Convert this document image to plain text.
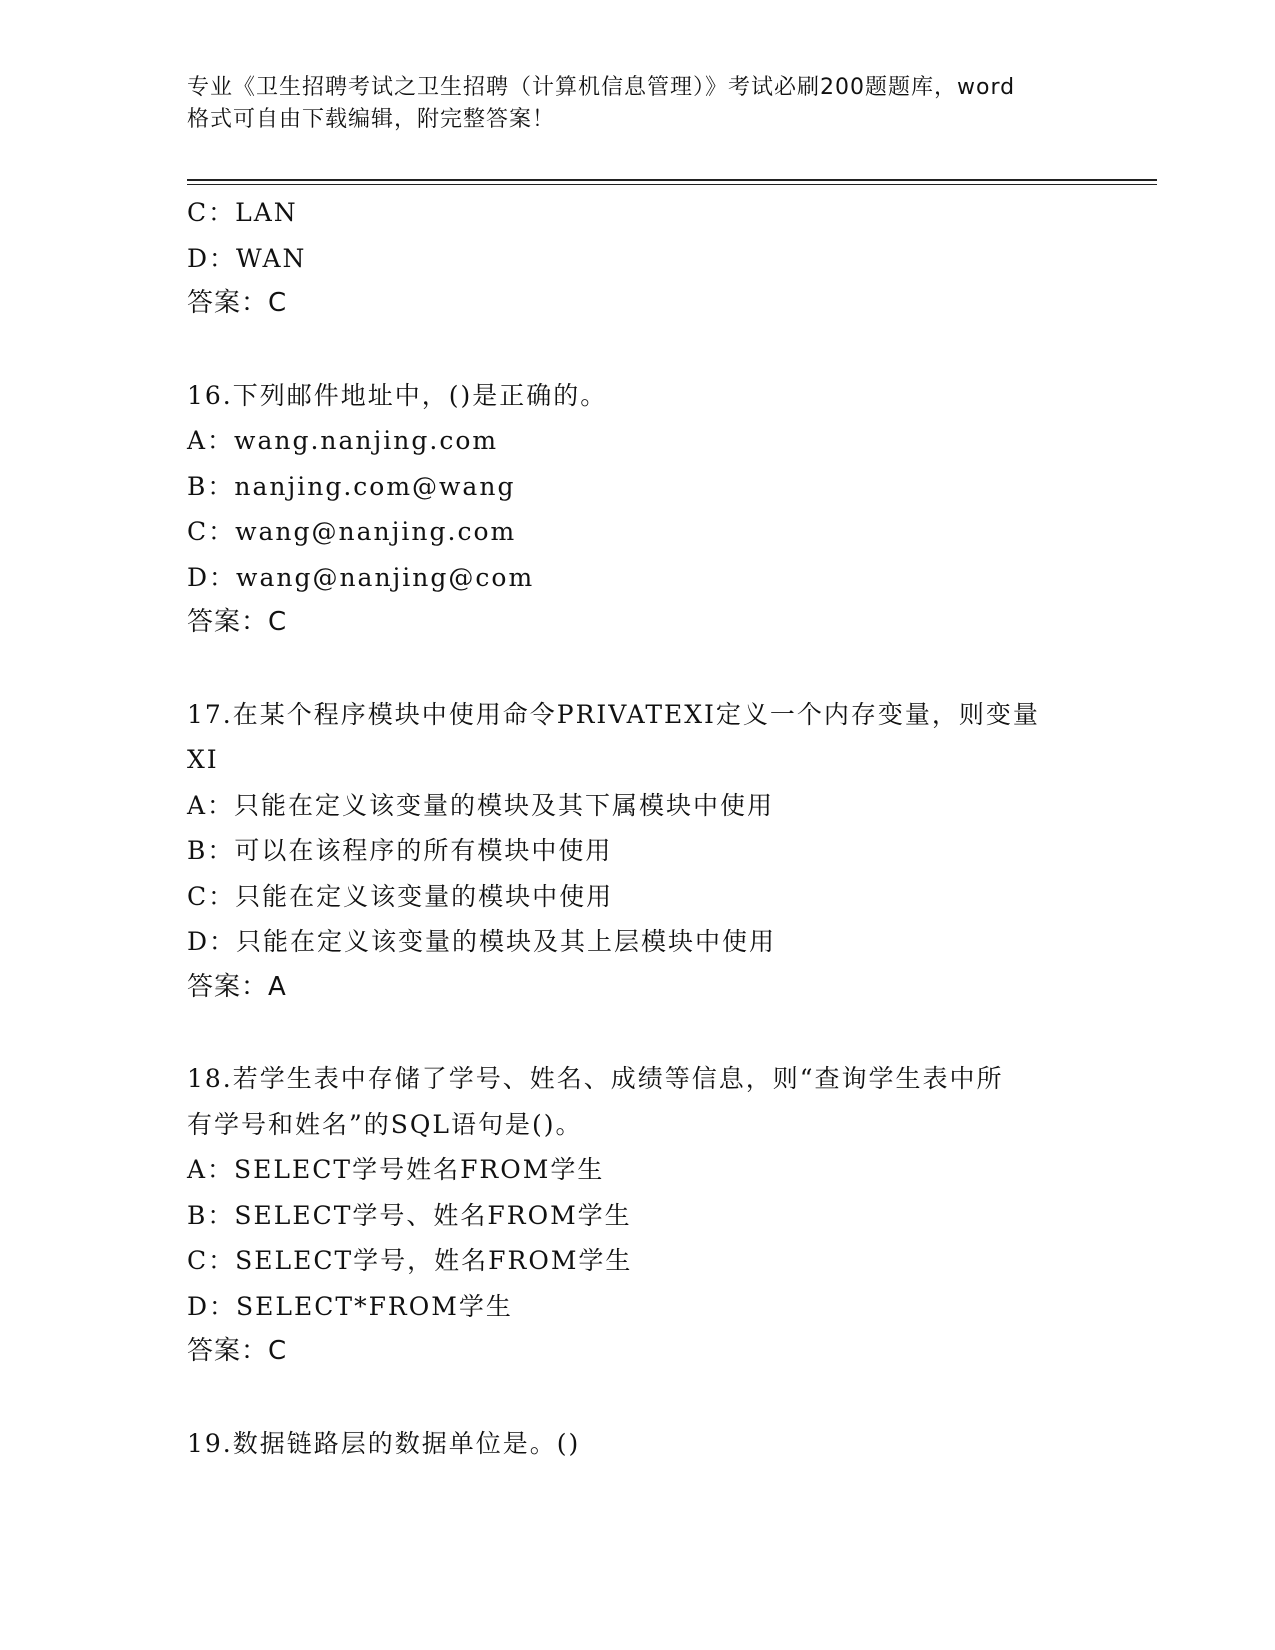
专业《卫生招聘考试之卫生招聘（计算机信息管理）》考试必刷200题题库，word
格式可自由下载编辑，附完整答案！
C：LAN
D：WAN
答案：C
16.下列邮件地址中，()是正确的。
A：wang.nanjing.com
B：nanjing.com@wang
C：wang@nanjing.com
D：wang@nanjing@com
答案：C
17.在某个程序模块中使用命令PRIVATEXI定义一个内存变量，则变量
XI
A：只能在定义该变量的模块及其下属模块中使用
B：可以在该程序的所有模块中使用
C：只能在定义该变量的模块中使用
D：只能在定义该变量的模块及其上层模块中使用
答案：A
18.若学生表中存储了学号、姓名、成绩等信息，则“查询学生表中所
有学号和姓名”的SQL语句是()。
A：SELECT学号姓名FROM学生
B：SELECT学号、姓名FROM学生
C：SELECT学号，姓名FROM学生
D：SELECT*FROM学生
答案：C
19.数据链路层的数据单位是。()
